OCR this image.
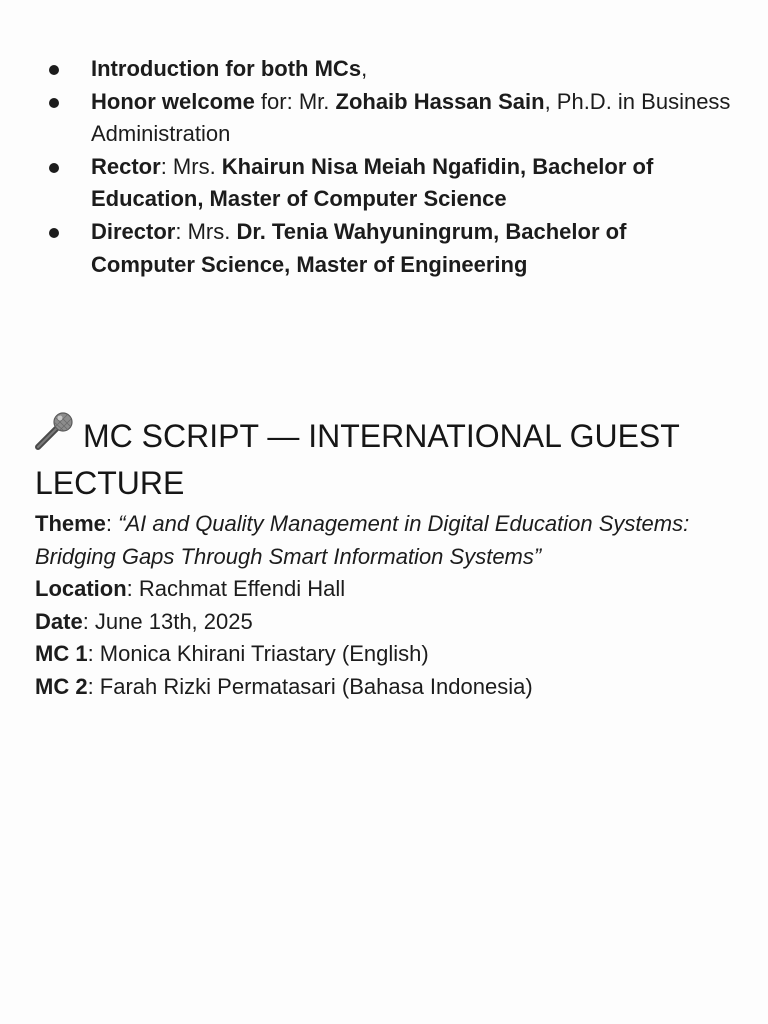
Introduction for both MCs,
Honor welcome for: Mr. Zohaib Hassan Sain, Ph.D. in Business Administration
Rector: Mrs. Khairun Nisa Meiah Ngafidin, Bachelor of Education, Master of Computer Science
Director: Mrs. Dr. Tenia Wahyuningrum, Bachelor of Computer Science, Master of Engineering
MC SCRIPT — INTERNATIONAL GUEST LECTURE
Theme: “AI and Quality Management in Digital Education Systems: Bridging Gaps Through Smart Information Systems”
Location: Rachmat Effendi Hall
Date: June 13th, 2025
MC 1: Monica Khirani Triastary (English)
MC 2: Farah Rizki Permatasari (Bahasa Indonesia)
